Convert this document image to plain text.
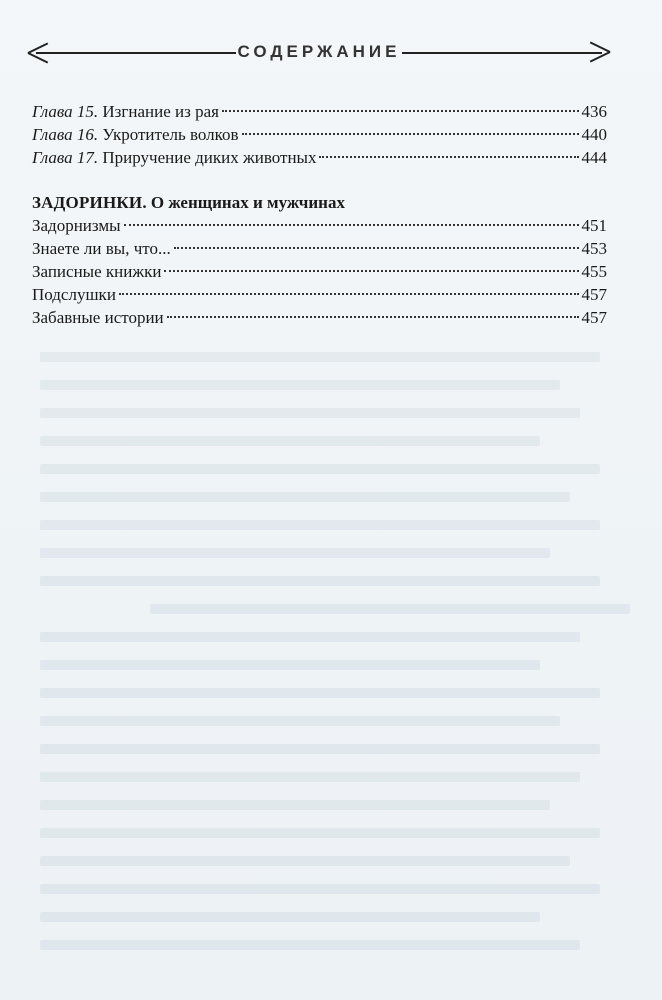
СОДЕРЖАНИЕ
Глава 15. Изгнание из рая	436
Глава 16. Укротитель волков	440
Глава 17. Приручение диких животных	444
ЗАДОРИНКИ. О женщинах и мужчинах
Задорнизмы	451
Знаете ли вы, что...	453
Записные книжки	455
Подслушки	457
Забавные истории	457
